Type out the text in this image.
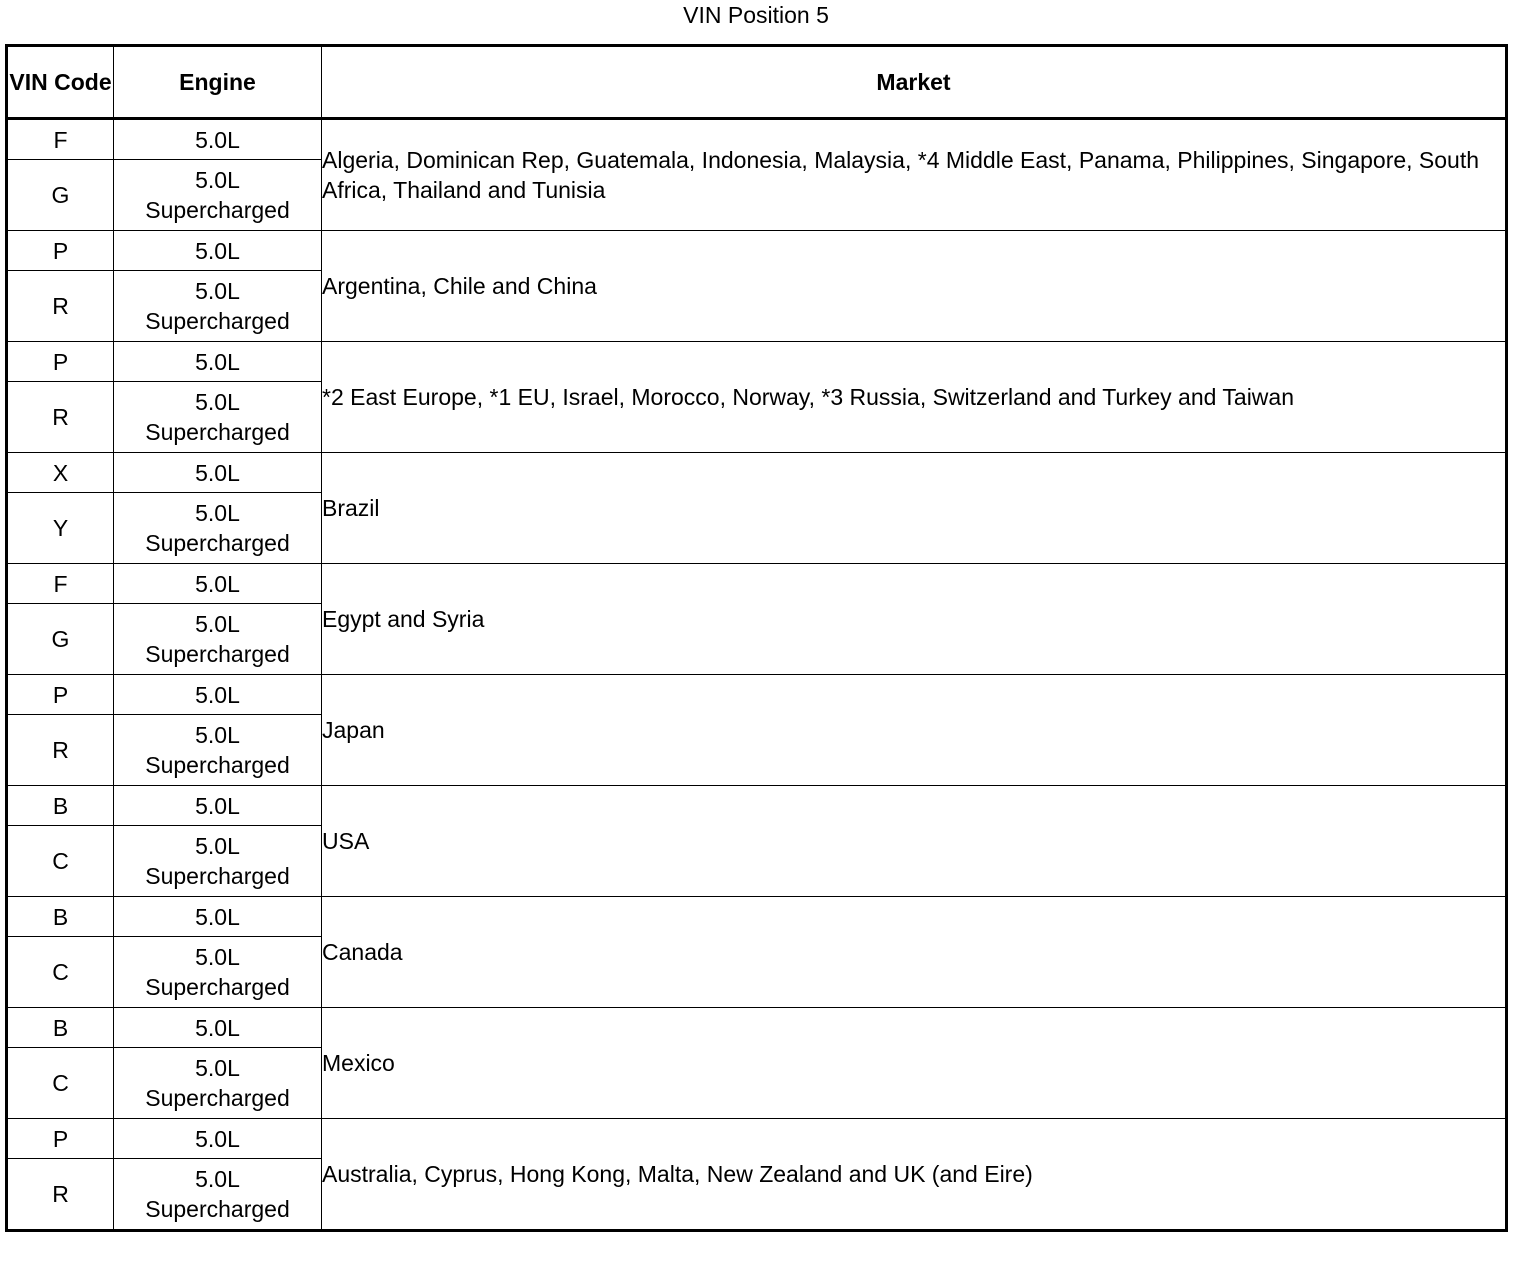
VIN Position 5
VIN Code	Engine	Market
F	5.0L	Algeria, Dominican Rep, Guatemala, Indonesia, Malaysia, *4 Middle East, Panama, Philippines, Singapore, South Africa, Thailand and Tunisia
G	5.0L
Supercharged	

P	5.0L	Argentina, Chile and China
R	5.0L
Supercharged	

P	5.0L	*2 East Europe, *1 EU, Israel, Morocco, Norway, *3 Russia, Switzerland and Turkey and Taiwan
R	5.0L
Supercharged	

X	5.0L	Brazil
Y	5.0L
Supercharged	

F	5.0L	Egypt and Syria
G	5.0L
Supercharged	

P	5.0L	Japan
R	5.0L
Supercharged	

B	5.0L	USA
C	5.0L
Supercharged	

B	5.0L	Canada
C	5.0L
Supercharged	

B	5.0L	Mexico
C	5.0L
Supercharged	

P	5.0L	Australia, Cyprus, Hong Kong, Malta, New Zealand and UK (and Eire)
R	5.0L
Supercharged	
